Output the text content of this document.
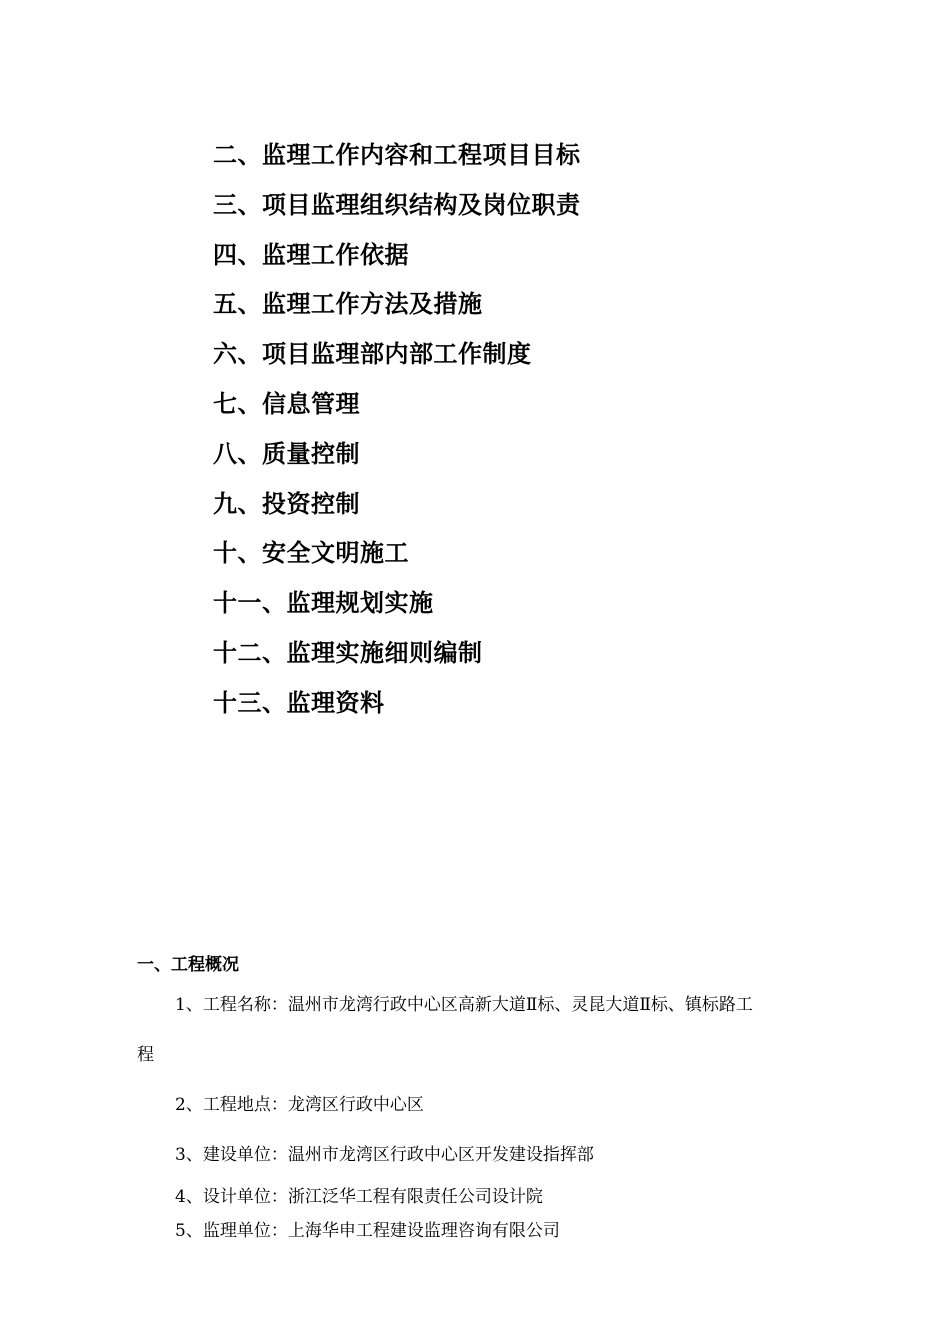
二、监理工作内容和工程项目目标
三、项目监理组织结构及岗位职责
四、监理工作依据
五、监理工作方法及措施
六、项目监理部内部工作制度
七、信息管理
八、质量控制
九、投资控制
十、安全文明施工
十一、监理规划实施
十二、监理实施细则编制
十三、监理资料
一、工程概况
1、工程名称：温州市龙湾行政中心区高新大道Ⅱ标、灵昆大道Ⅱ标、镇标路工
程
2、工程地点：龙湾区行政中心区
3、建设单位：温州市龙湾区行政中心区开发建设指挥部
4、设计单位：浙江泛华工程有限责任公司设计院
5、监理单位：上海华申工程建设监理咨询有限公司
